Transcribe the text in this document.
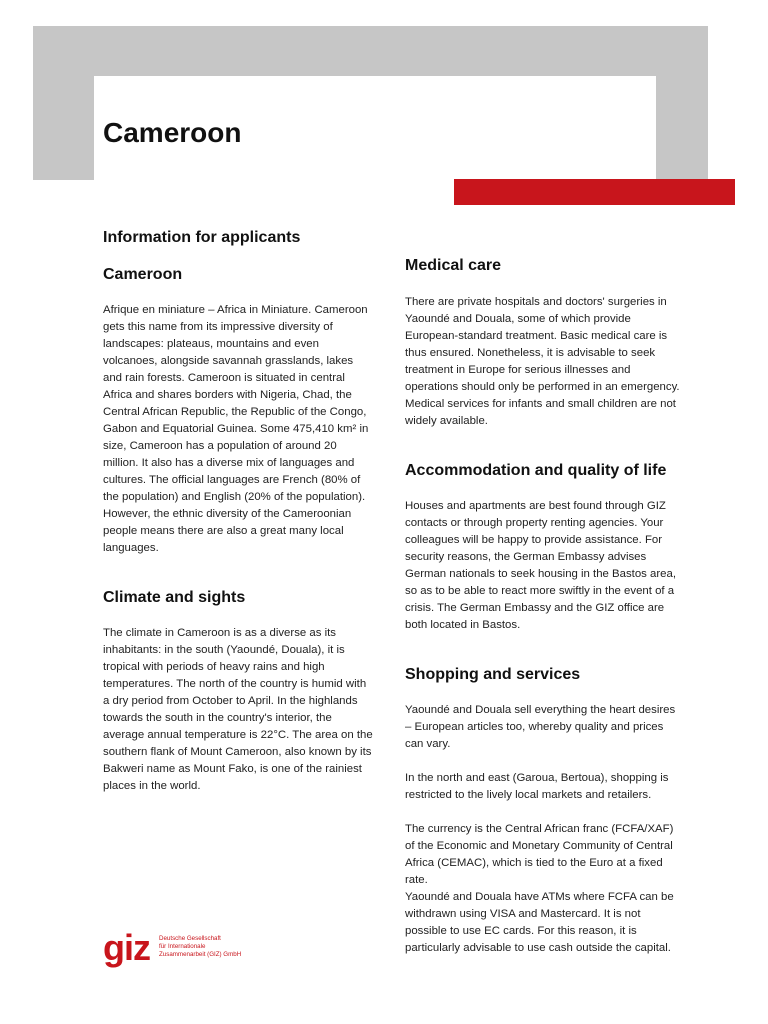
Cameroon
Information for applicants
Cameroon

Afrique en miniature – Africa in Miniature. Cameroon gets this name from its impressive diversity of landscapes: plateaus, mountains and even volcanoes, alongside savannah grasslands, lakes and rain forests. Cameroon is situated in central Africa and shares borders with Nigeria, Chad, the Central African Republic, the Republic of the Congo, Gabon and Equatorial Guinea. Some 475,410 km² in size, Cameroon has a population of around 20 million. It also has a diverse mix of languages and cultures. The official languages are French (80% of the population) and English (20% of the population). However, the ethnic diversity of the Cameroonian people means there are also a great many local languages.

Climate and sights

The climate in Cameroon is as a diverse as its inhabitants: in the south (Yaoundé, Douala), it is tropical with periods of heavy rains and high temperatures. The north of the country is humid with a dry period from October to April. In the highlands towards the south in the country's interior, the average annual temperature is 22°C. The area on the southern flank of Mount Cameroon, also known by its Bakweri name as Mount Fako, is one of the rainiest places in the world.

Medical care

There are private hospitals and doctors' surgeries in Yaoundé and Douala, some of which provide European-standard treatment. Basic medical care is thus ensured. Nonetheless, it is advisable to seek treatment in Europe for serious illnesses and operations should only be performed in an emergency. Medical services for infants and small children are not widely available.

Accommodation and quality of life

Houses and apartments are best found through GIZ contacts or through property renting agencies. Your colleagues will be happy to provide assistance. For security reasons, the German Embassy advises German nationals to seek housing in the Bastos area, so as to be able to react more swiftly in the event of a crisis. The German Embassy and the GIZ office are both located in Bastos.

Shopping and services

Yaoundé and Douala sell everything the heart desires – European articles too, whereby quality and prices can vary.

In the north and east (Garoua, Bertoua), shopping is restricted to the lively local markets and retailers.

The currency is the Central African franc (FCFA/XAF) of the Economic and Monetary Community of Central Africa (CEMAC), which is tied to the Euro at a fixed rate.

Yaoundé and Douala have ATMs where FCFA can be withdrawn using VISA and Mastercard. It is not possible to use EC cards. For this reason, it is particularly advisable to use cash outside the capital.

giz Deutsche Gesellschaft
für Internationale
Zusammenarbeit (GIZ) GmbH
